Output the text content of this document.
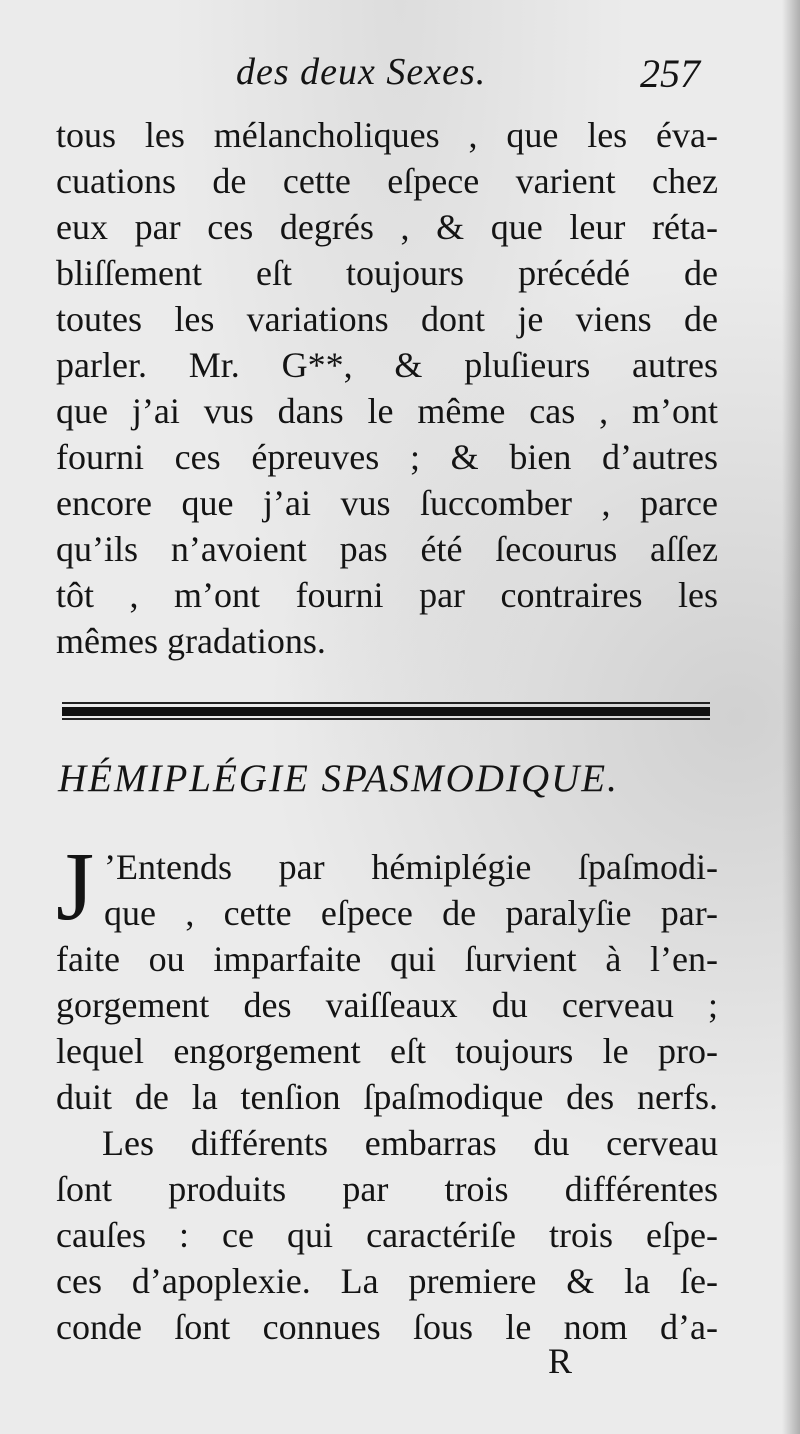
des deux Sexes.	257
tous les mélancholiques , que les éva-
cuations de cette eſpece varient chez
eux par ces degrés , & que leur réta-
bliſſement eſt toujours précédé de
toutes les variations dont je viens de
parler. Mr. G**, & pluſieurs autres
que j’ai vus dans le même cas , m’ont
fourni ces épreuves ; & bien d’autres
encore que j’ai vus ſuccomber , parce
qu’ils n’avoient pas été ſecourus aſſez
tôt , m’ont fourni par contraires les
mêmes gradations.
HÉMIPLÉGIE SPASMODIQUE.
J ’Entends par hémiplégie ſpaſmodi-
que , cette eſpece de paralyſie par-
faite ou imparfaite qui ſurvient à l’en-
gorgement des vaiſſeaux du cerveau ;
lequel engorgement eſt toujours le pro-
duit de la tenſion ſpaſmodique des nerfs.
Les différents embarras du cerveau
ſont produits par trois différentes
cauſes : ce qui caractériſe trois eſpe-
ces d’apoplexie. La premiere & la ſe-
conde ſont connues ſous le nom d’a-
R
